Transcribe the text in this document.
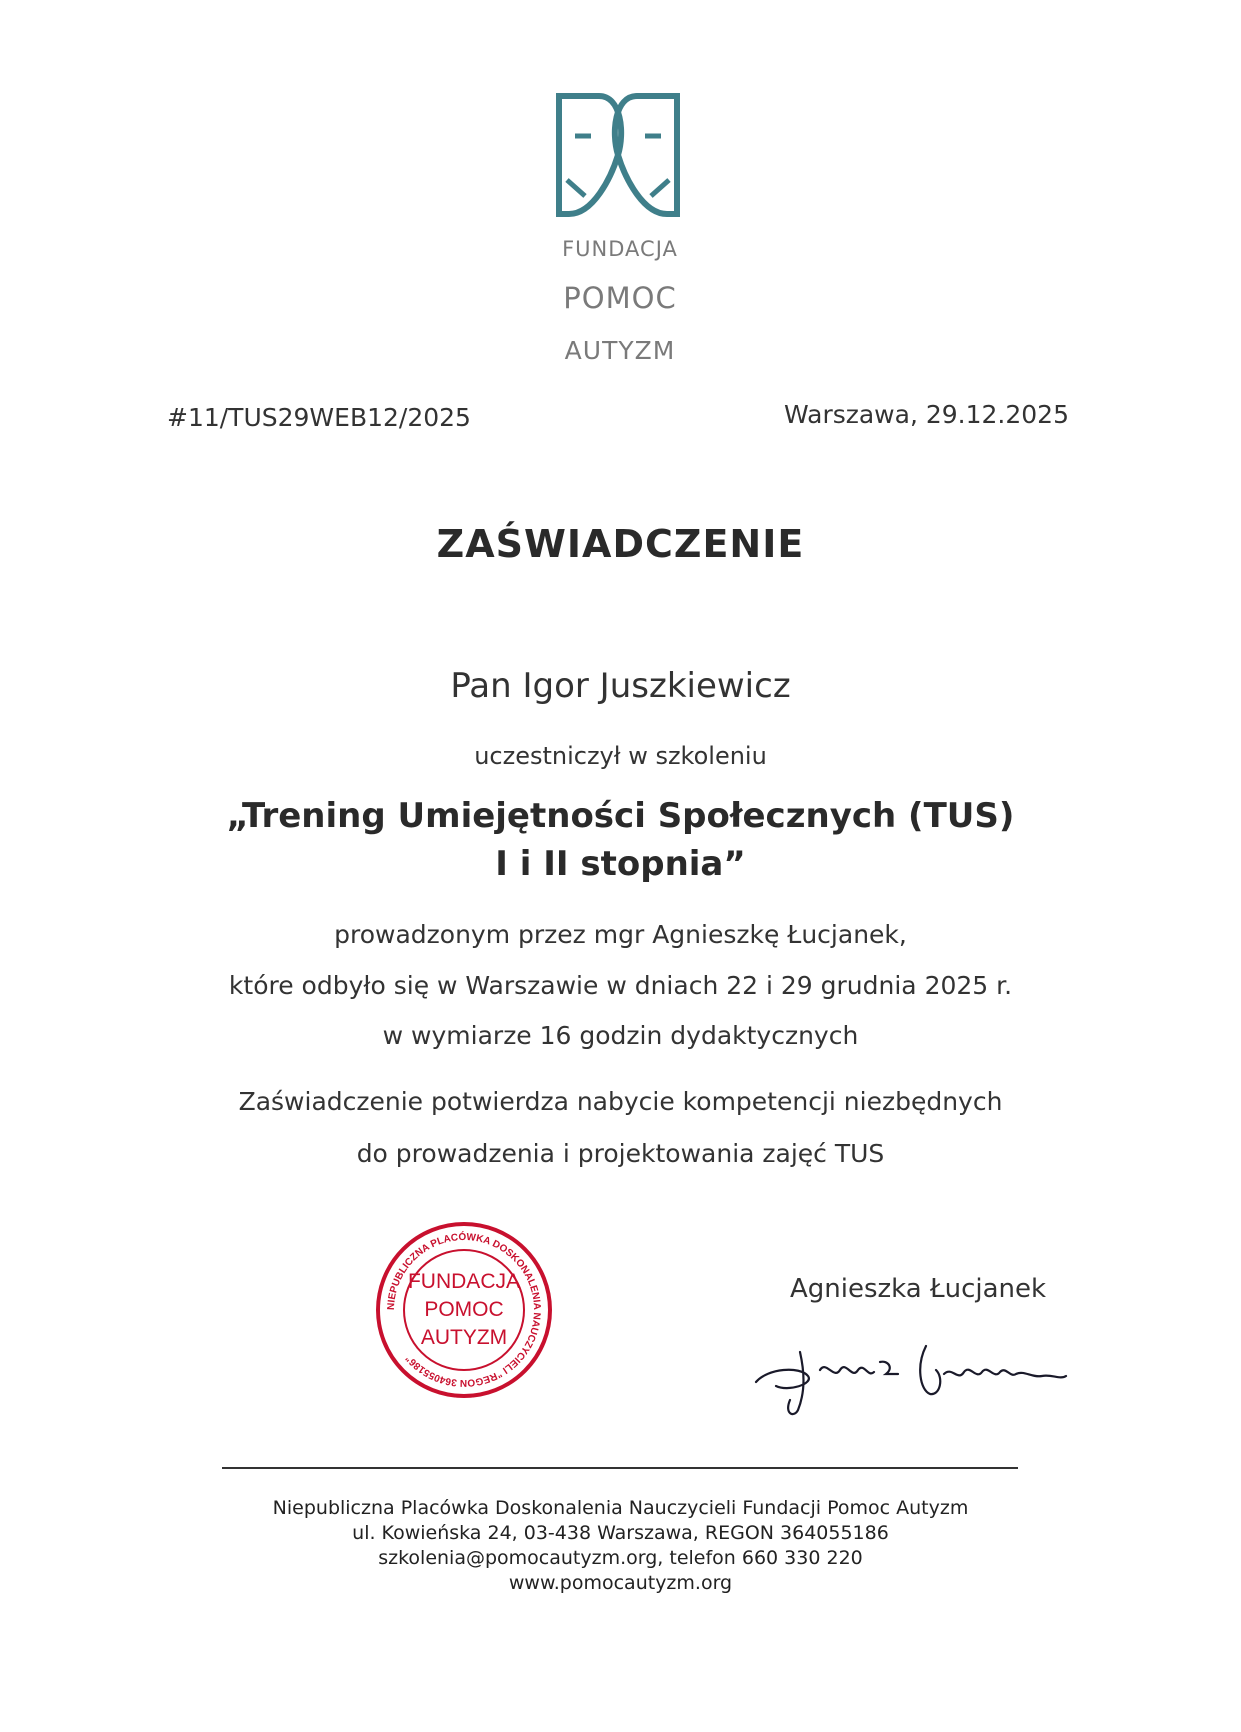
FUNDACJA
POMOC
AUTYZM
#11/TUS29WEB12/2025	Warszawa, 29.12.2025
ZAŚWIADCZENIE
Pan Igor Juszkiewicz
uczestniczył w szkoleniu
„Trening Umiejętności Społecznych (TUS)
I i II stopnia”
prowadzonym przez mgr Agnieszkę Łucjanek,
które odbyło się w Warszawie w dniach 22 i 29 grudnia 2025 r.
w wymiarze 16 godzin dydaktycznych
Zaświadczenie potwierdza nabycie kompetencji niezbędnych
do prowadzenia i projektowania zajęć TUS
NIEPUBLICZNA PLACÓWKA DOSKONALENIA NAUCZYCIELI "REGON 364055186"
FUNDACJA
POMOC
AUTYZM
Agnieszka Łucjanek
Łucjanek Agnieszka
Niepubliczna Placówka Doskonalenia Nauczycieli Fundacji Pomoc Autyzm
ul. Kowieńska 24, 03-438 Warszawa, REGON 364055186
szkolenia@pomocautyzm.org, telefon 660 330 220
www.pomocautyzm.org
